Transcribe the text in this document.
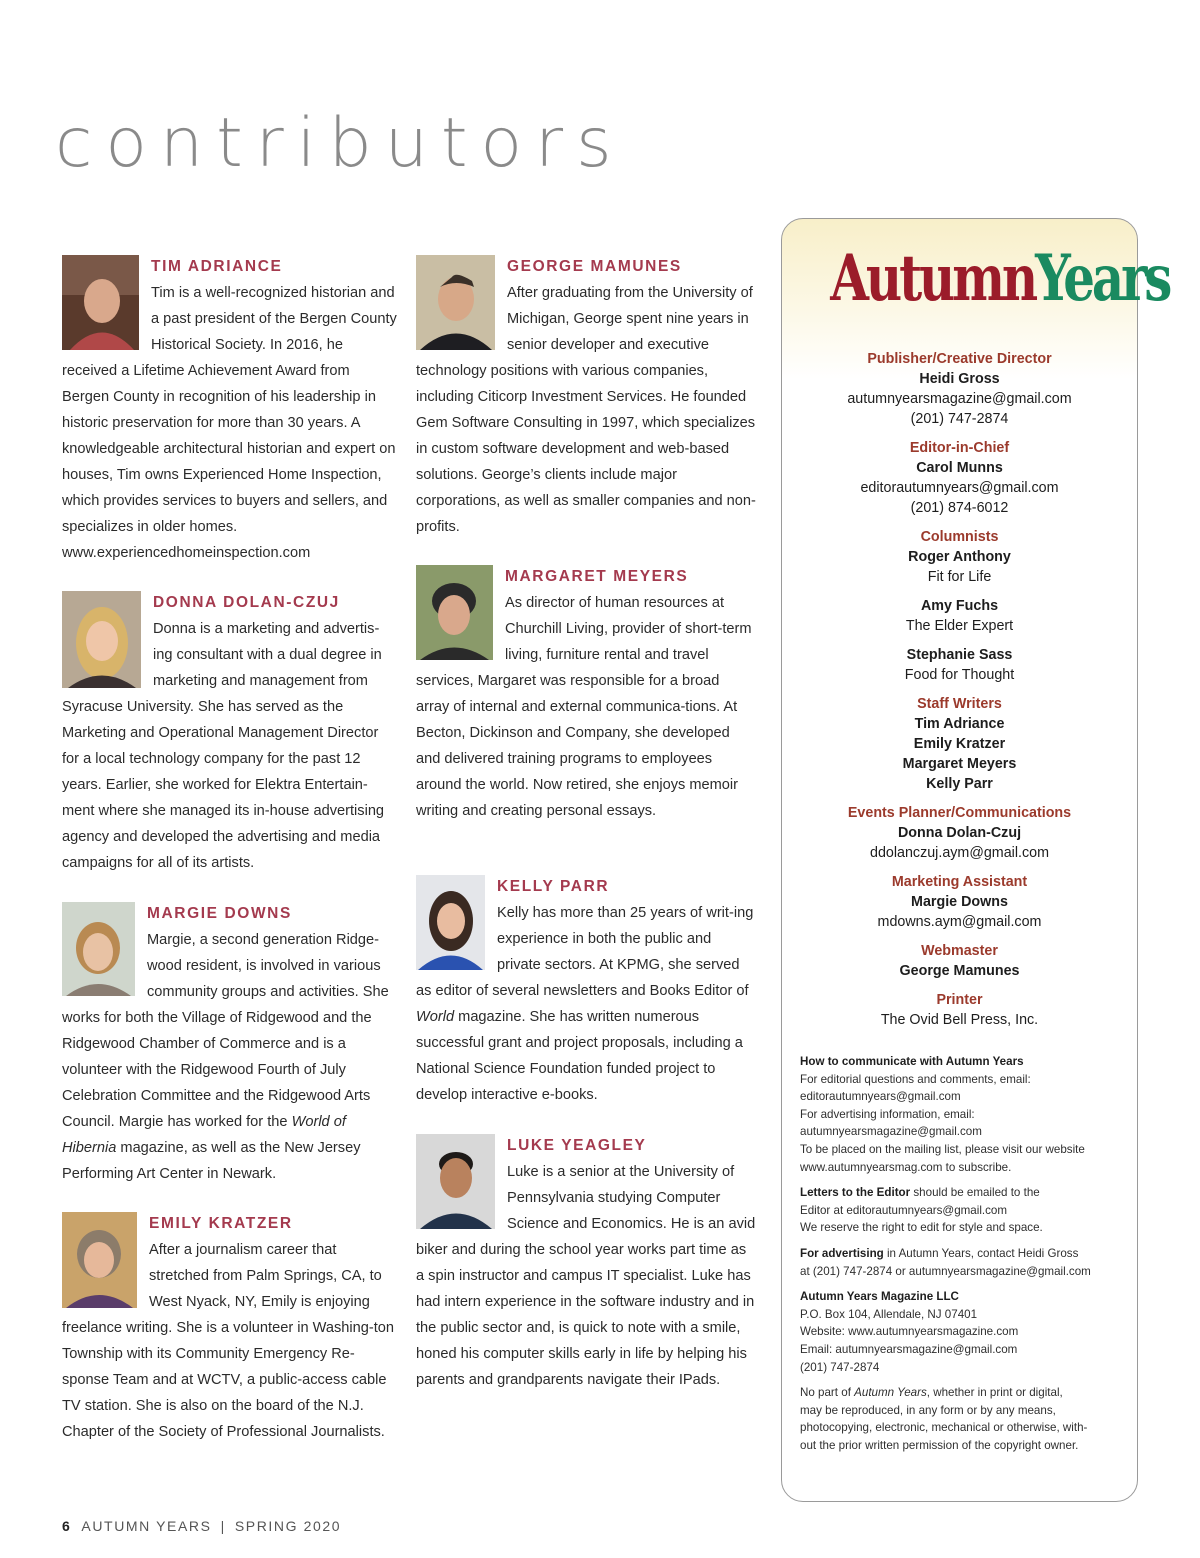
contributors
TIM ADRIANCE

Tim is a well-recognized historian and a past president of the Bergen County Historical Society. In 2016, he received a Lifetime Achievement Award from Bergen County in recognition of his leadership in historic preservation for more than 30 years. A knowledgeable architectural historian and expert on houses, Tim owns Experienced Home Inspection, which provides services to buyers and sellers, and specializes in older homes. www.experiencedhomeinspection.com

DONNA DOLAN-CZUJ

Donna is a marketing and advertis-ing consultant with a dual degree in marketing and management from Syracuse University. She has served as the Marketing and Operational Management Director for a local technology company for the past 12 years. Earlier, she worked for Elektra Entertain-ment where she managed its in-house advertising agency and developed the advertising and media campaigns for all of its artists.

MARGIE DOWNS

Margie, a second generation Ridge-wood resident, is involved in various community groups and activities. She works for both the Village of Ridgewood and the Ridgewood Chamber of Commerce and is a volunteer with the Ridgewood Fourth of July Celebration Committee and the Ridgewood Arts Council. Margie has worked for the World of Hibernia magazine, as well as the New Jersey Performing Art Center in Newark.

EMILY KRATZER

After a journalism career that stretched from Palm Springs, CA, to West Nyack, NY, Emily is enjoying freelance writing. She is a volunteer in Washing-ton Township with its Community Emergency Re-sponse Team and at WCTV, a public-access cable TV station. She is also on the board of the N.J. Chapter of the Society of Professional Journalists.

GEORGE MAMUNES

After graduating from the University of Michigan, George spent nine years in senior developer and executive technology positions with various companies, including Citicorp Investment Services. He founded Gem Software Consulting in 1997, which specializes in custom software development and web-based solutions. George’s clients include major corporations, as well as smaller companies and non-profits.

MARGARET MEYERS

As director of human resources at Churchill Living, provider of short-term living, furniture rental and travel services, Margaret was responsible for a broad array of internal and external communica-tions. At Becton, Dickinson and Company, she developed and delivered training programs to employees around the world. Now retired, she enjoys memoir writing and creating personal essays.

KELLY PARR

Kelly has more than 25 years of writ-ing experience in both the public and private sectors. At KPMG, she served as editor of several newsletters and Books Editor of World magazine. She has written numerous successful grant and project proposals, including a National Science Foundation funded project to develop interactive e-books.

LUKE YEAGLEY

Luke is a senior at the University of Pennsylvania studying Computer Science and Economics. He is an avid biker and during the school year works part time as a spin instructor and campus IT specialist. Luke has had intern experience in the software industry and in the public sector and, is quick to note with a smile, honed his computer skills early in life by helping his parents and grandparents navigate their IPads.

AutumnYears
Publisher/Creative Director
Heidi Gross
autumnyearsmagazine@gmail.com
(201) 747-2874
Editor-in-Chief
Carol Munns
editorautumnyears@gmail.com
(201) 874-6012
Columnists
Roger Anthony
Fit for Life
Amy Fuchs
The Elder Expert
Stephanie Sass
Food for Thought
Staff Writers
Tim Adriance
Emily Kratzer
Margaret Meyers
Kelly Parr
Events Planner/Communications
Donna Dolan-Czuj
ddolanczuj.aym@gmail.com
Marketing Assistant
Margie Downs
mdowns.aym@gmail.com
Webmaster
George Mamunes
Printer
The Ovid Bell Press, Inc.
How to communicate with Autumn Years
For editorial questions and comments, email:
editorautumnyears@gmail.com
For advertising information, email:
autumnyearsmagazine@gmail.com
To be placed on the mailing list, please visit our website
www.autumnyearsmag.com to subscribe.
Letters to the Editor should be emailed to the
Editor at editorautumnyears@gmail.com
We reserve the right to edit for style and space.
For advertising in Autumn Years, contact Heidi Gross
at (201) 747-2874 or autumnyearsmagazine@gmail.com
Autumn Years Magazine LLC
P.O. Box 104, Allendale, NJ 07401
Website: www.autumnyearsmagazine.com
Email: autumnyearsmagazine@gmail.com
(201) 747-2874
No part of Autumn Years, whether in print or digital,
may be reproduced, in any form or by any means,
photocopying, electronic, mechanical or otherwise, with-
out the prior written permission of the copyright owner.
6 AUTUMN YEARS | SPRING 2020
